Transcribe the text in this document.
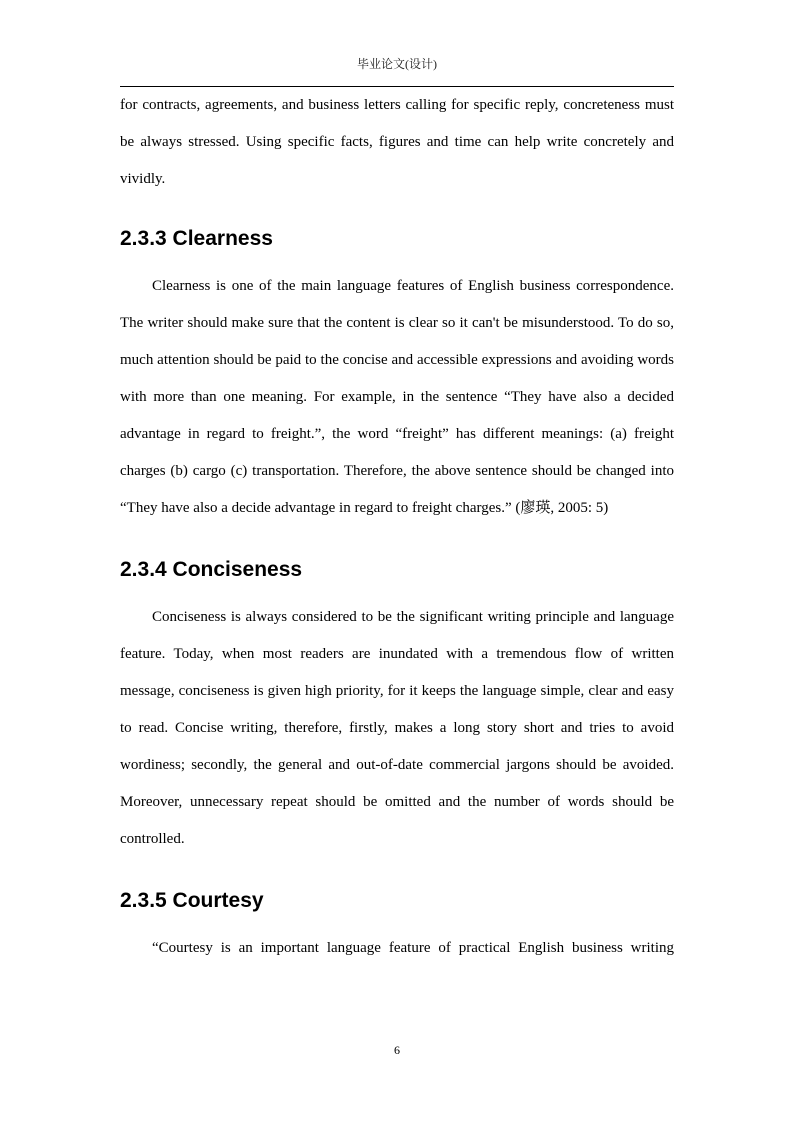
毕业论文(设计)

for contracts, agreements, and business letters calling for specific reply, concreteness must be always stressed. Using specific facts, figures and time can help write concretely and vividly.

2.3.3 Clearness

Clearness is one of the main language features of English business correspondence. The writer should make sure that the content is clear so it can't be misunderstood. To do so, much attention should be paid to the concise and accessible expressions and avoiding words with more than one meaning. For example, in the sentence “They have also a decided advantage in regard to freight.”, the word “freight” has different meanings: (a) freight charges (b) cargo (c) transportation. Therefore, the above sentence should be changed into “They have also a decide advantage in regard to freight charges.” (廖瑛, 2005: 5)

2.3.4 Conciseness

Conciseness is always considered to be the significant writing principle and language feature. Today, when most readers are inundated with a tremendous flow of written message, conciseness is given high priority, for it keeps the language simple, clear and easy to read. Concise writing, therefore, firstly, makes a long story short and tries to avoid wordiness; secondly, the general and out-of-date commercial jargons should be avoided. Moreover, unnecessary repeat should be omitted and the number of words should be controlled.

2.3.5 Courtesy

“Courtesy is an important language feature of practical English business writing

6
